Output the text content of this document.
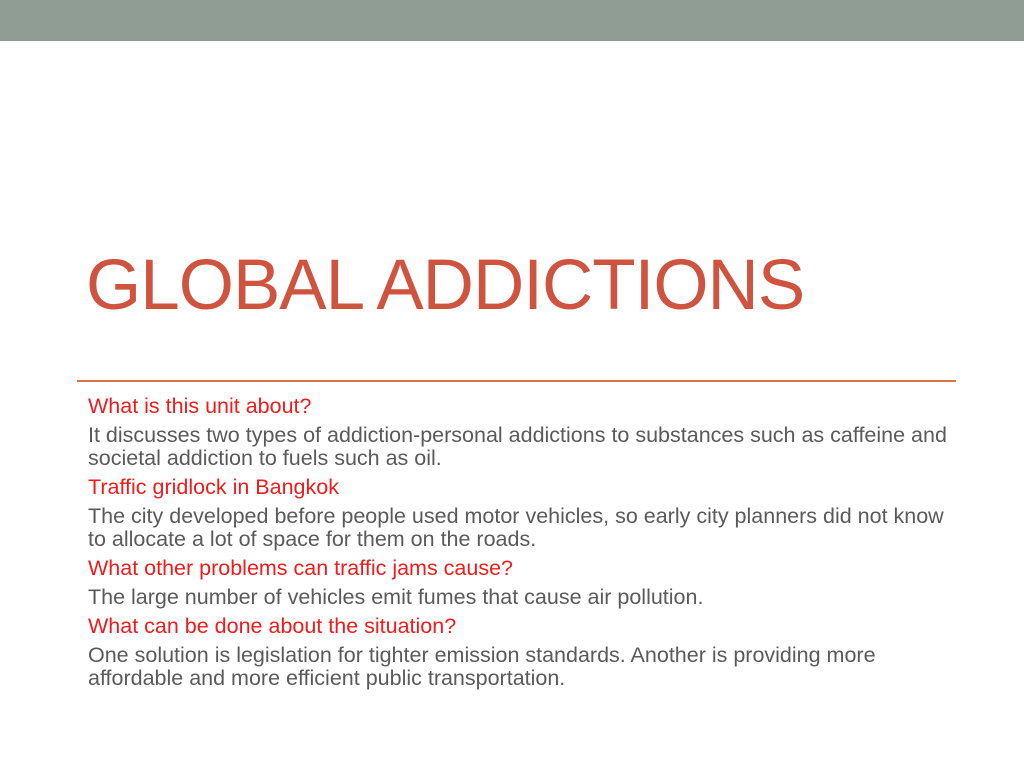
GLOBAL ADDICTIONS

What is this unit about?

It discusses two types of addiction-personal addictions to substances such as caffeine and societal addiction to fuels such as oil.

Traffic gridlock in Bangkok

The city developed before people used motor vehicles, so early city planners did not know to allocate a lot of space for them on the roads.

What other problems can traffic jams cause?

The large number of vehicles emit fumes that cause air pollution.

What can be done about the situation?

One solution is legislation for tighter emission standards. Another is providing more affordable and more efficient public transportation.
